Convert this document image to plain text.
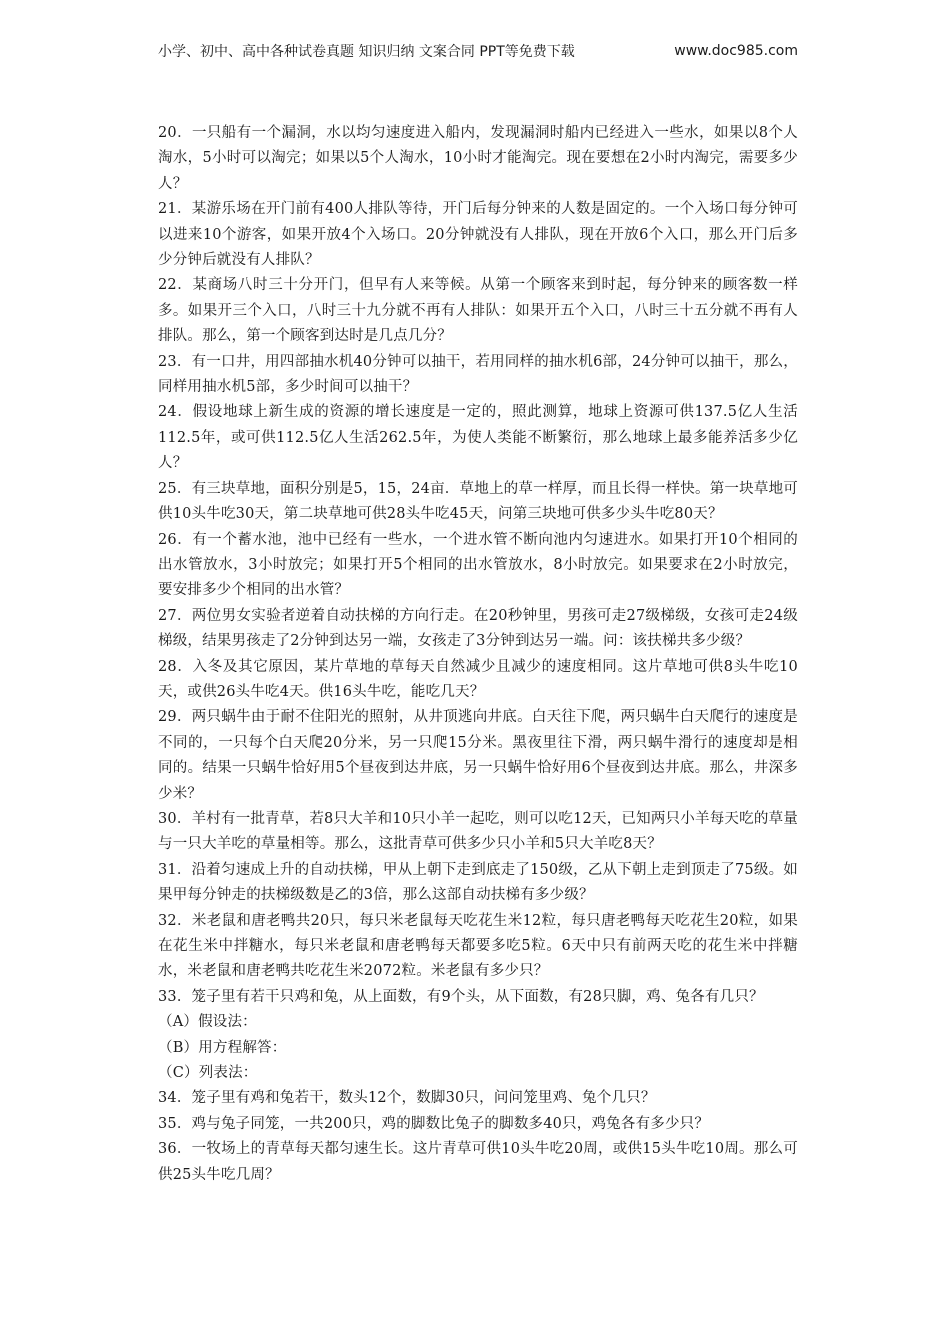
小学、初中、高中各种试卷真题 知识归纳 文案合同 PPT等免费下载	www.doc985.com

20．一只船有一个漏洞，水以均匀速度进入船内，发现漏洞时船内已经进入一些水，如果以8个人淘水，5小时可以淘完；如果以5个人淘水，10小时才能淘完。现在要想在2小时内淘完，需要多少人？

21．某游乐场在开门前有400人排队等待，开门后每分钟来的人数是固定的。一个入场口每分钟可以进来10个游客，如果开放4个入场口。20分钟就没有人排队，现在开放6个入口，那么开门后多少分钟后就没有人排队？

22．某商场八时三十分开门，但早有人来等候。从第一个顾客来到时起，每分钟来的顾客数一样多。如果开三个入口，八时三十九分就不再有人排队：如果开五个入口，八时三十五分就不再有人排队。那么，第一个顾客到达时是几点几分？

23．有一口井，用四部抽水机40分钟可以抽干，若用同样的抽水机6部，24分钟可以抽干，那么，同样用抽水机5部，多少时间可以抽干？

24．假设地球上新生成的资源的增长速度是一定的，照此测算，地球上资源可供137.5亿人生活112.5年，或可供112.5亿人生活262.5年，为使人类能不断繁衍，那么地球上最多能养活多少亿人？

25．有三块草地，面积分别是5，15，24亩．草地上的草一样厚，而且长得一样快。第一块草地可供10头牛吃30天，第二块草地可供28头牛吃45天，问第三块地可供多少头牛吃80天？

26．有一个蓄水池，池中已经有一些水，一个进水管不断向池内匀速进水。如果打开10个相同的出水管放水，3小时放完；如果打开5个相同的出水管放水，8小时放完。如果要求在2小时放完，要安排多少个相同的出水管？

27．两位男女实验者逆着自动扶梯的方向行走。在20秒钟里，男孩可走27级梯级，女孩可走24级梯级，结果男孩走了2分钟到达另一端，女孩走了3分钟到达另一端。问：该扶梯共多少级？

28．入冬及其它原因，某片草地的草每天自然减少且减少的速度相同。这片草地可供8头牛吃10天，或供26头牛吃4天。供16头牛吃，能吃几天？

29．两只蜗牛由于耐不住阳光的照射，从井顶逃向井底。白天往下爬，两只蜗牛白天爬行的速度是不同的，一只每个白天爬20分米，另一只爬15分米。黑夜里往下滑，两只蜗牛滑行的速度却是相同的。结果一只蜗牛恰好用5个昼夜到达井底，另一只蜗牛恰好用6个昼夜到达井底。那么，井深多少米？

30．羊村有一批青草，若8只大羊和10只小羊一起吃，则可以吃12天，已知两只小羊每天吃的草量与一只大羊吃的草量相等。那么，这批青草可供多少只小羊和5只大羊吃8天？

31．沿着匀速成上升的自动扶梯，甲从上朝下走到底走了150级，乙从下朝上走到顶走了75级。如果甲每分钟走的扶梯级数是乙的3倍，那么这部自动扶梯有多少级？

32．米老鼠和唐老鸭共20只，每只米老鼠每天吃花生米12粒，每只唐老鸭每天吃花生20粒，如果在花生米中拌糖水，每只米老鼠和唐老鸭每天都要多吃5粒。6天中只有前两天吃的花生米中拌糖水，米老鼠和唐老鸭共吃花生米2072粒。米老鼠有多少只？

33．笼子里有若干只鸡和兔，从上面数，有9个头，从下面数，有28只脚，鸡、兔各有几只？

（A）假设法：

（B）用方程解答：

（C）列表法：

34．笼子里有鸡和兔若干，数头12个，数脚30只，问问笼里鸡、兔个几只？

35．鸡与兔子同笼，一共200只，鸡的脚数比兔子的脚数多40只，鸡兔各有多少只？

36．一牧场上的青草每天都匀速生长。这片青草可供10头牛吃20周，或供15头牛吃10周。那么可供25头牛吃几周？
